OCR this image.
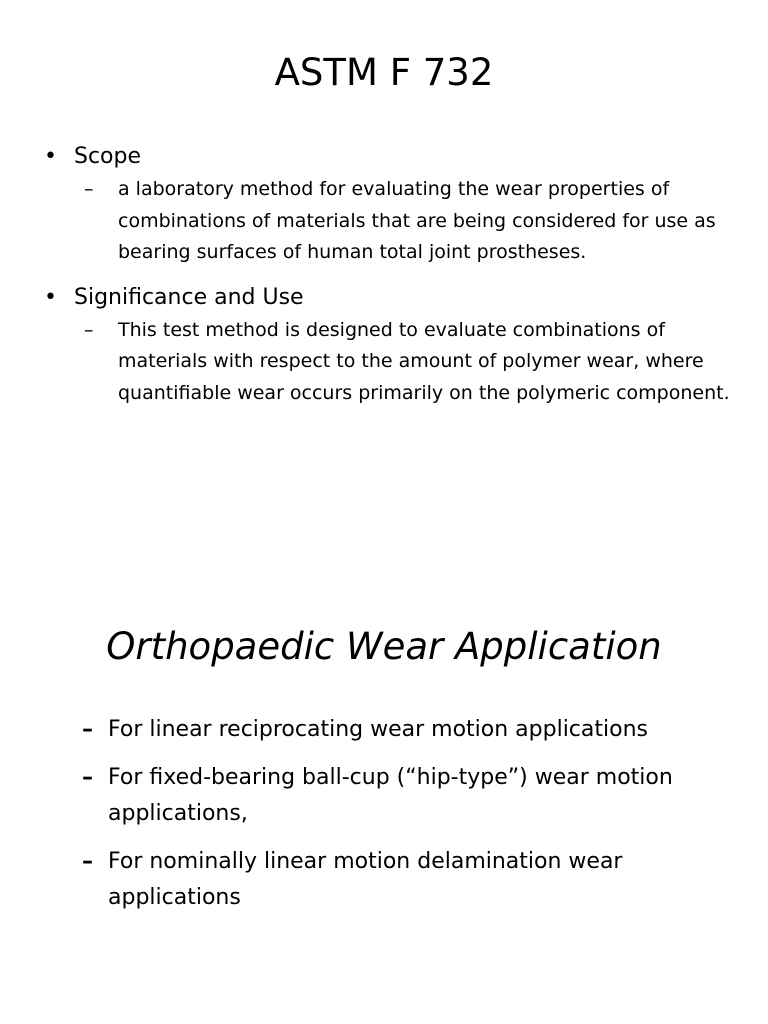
ASTM F 732
• Scope
– a laboratory method for evaluating the wear properties of combinations of materials that are being considered for use as bearing surfaces of human total joint prostheses.
• Significance and Use
– This test method is designed to evaluate combinations of materials with respect to the amount of polymer wear, where quantifiable wear occurs primarily on the polymeric component.
Orthopaedic Wear Application
– For linear reciprocating wear motion applications
– For fixed-bearing ball-cup (“hip-type”) wear motion applications,
– For nominally linear motion delamination wear applications
